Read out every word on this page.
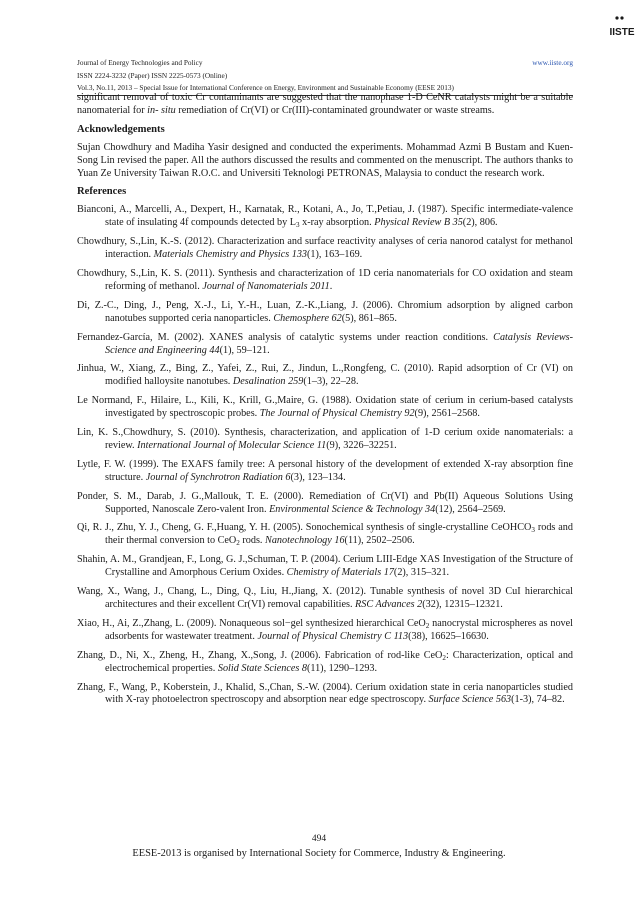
Journal of Energy Technologies and Policy	www.iiste.org
ISSN 2224-3232 (Paper) ISSN 2225-0573 (Online)
Vol.3, No.11, 2013 – Special Issue for International Conference on Energy, Environment and Sustainable Economy (EESE 2013)
IISTE

significant removal of toxic Cr contaminants are suggested that the nanophase 1-D CeNR catalysts might be a suitable nanomaterial for in- situ remediation of Cr(VI) or Cr(III)-contaminated groundwater or waste streams.

Acknowledgements

Sujan Chowdhury and Madiha Yasir designed and conducted the experiments. Mohammad Azmi B Bustam and Kuen-Song Lin revised the paper. All the authors discussed the results and commented on the menuscript. The authors thanks to Yuan Ze University Taiwan R.O.C. and Universiti Teknologi PETRONAS, Malaysia to conduct the research work.

References

Bianconi, A., Marcelli, A., Dexpert, H., Karnatak, R., Kotani, A., Jo, T.,Petiau, J. (1987). Specific intermediate-valence state of insulating 4f compounds detected by $L_3$ x-ray absorption. Physical Review B 35(2), 806.

Chowdhury, S.,Lin, K.-S. (2012). Characterization and surface reactivity analyses of ceria nanorod catalyst for methanol interaction. Materials Chemistry and Physics 133(1), 163–169.

Chowdhury, S.,Lin, K. S. (2011). Synthesis and characterization of 1D ceria nanomaterials for CO oxidation and steam reforming of methanol. Journal of Nanomaterials 2011.

Di, Z.-C., Ding, J., Peng, X.-J., Li, Y.-H., Luan, Z.-K.,Liang, J. (2006). Chromium adsorption by aligned carbon nanotubes supported ceria nanoparticles. Chemosphere 62(5), 861–865.

Fernandez-García, M. (2002). XANES analysis of catalytic systems under reaction conditions. Catalysis Reviews-Science and Engineering 44(1), 59–121.

Jinhua, W., Xiang, Z., Bing, Z., Yafei, Z., Rui, Z., Jindun, L.,Rongfeng, C. (2010). Rapid adsorption of Cr (VI) on modified halloysite nanotubes. Desalination 259(1–3), 22–28.

Le Normand, F., Hilaire, L., Kili, K., Krill, G.,Maire, G. (1988). Oxidation state of cerium in cerium-based catalysts investigated by spectroscopic probes. The Journal of Physical Chemistry 92(9), 2561–2568.

Lin, K. S.,Chowdhury, S. (2010). Synthesis, characterization, and application of 1-D cerium oxide nanomaterials: a review. International Journal of Molecular Science 11(9), 3226–32251.

Lytle, F. W. (1999). The EXAFS family tree: A personal history of the development of extended X-ray absorption fine structure. Journal of Synchrotron Radiation 6(3), 123–134.

Ponder, S. M., Darab, J. G.,Mallouk, T. E. (2000). Remediation of Cr(VI) and Pb(II) Aqueous Solutions Using Supported, Nanoscale Zero-valent Iron. Environmental Science & Technology 34(12), 2564–2569.

Qi, R. J., Zhu, Y. J., Cheng, G. F.,Huang, Y. H. (2005). Sonochemical synthesis of single-crystalline CeOHCO$_3$ rods and their thermal conversion to CeO$_2$ rods. Nanotechnology 16(11), 2502–2506.

Shahin, A. M., Grandjean, F., Long, G. J.,Schuman, T. P. (2004). Cerium LIII-Edge XAS Investigation of the Structure of Crystalline and Amorphous Cerium Oxides. Chemistry of Materials 17(2), 315–321.

Wang, X., Wang, J., Chang, L., Ding, Q., Liu, H.,Jiang, X. (2012). Tunable synthesis of novel 3D CuI hierarchical architectures and their excellent Cr(VI) removal capabilities. RSC Advances 2(32), 12315–12321.

Xiao, H., Ai, Z.,Zhang, L. (2009). Nonaqueous sol−gel synthesized hierarchical CeO$_2$ nanocrystal microspheres as novel adsorbents for wastewater treatment. Journal of Physical Chemistry C 113(38), 16625–16630.

Zhang, D., Ni, X., Zheng, H., Zhang, X.,Song, J. (2006). Fabrication of rod-like CeO$_2$: Characterization, optical and electrochemical properties. Solid State Sciences 8(11), 1290–1293.

Zhang, F., Wang, P., Koberstein, J., Khalid, S.,Chan, S.-W. (2004). Cerium oxidation state in ceria nanoparticles studied with X-ray photoelectron spectroscopy and absorption near edge spectroscopy. Surface Science 563(1-3), 74–82.

494
EESE-2013 is organised by International Society for Commerce, Industry & Engineering.
